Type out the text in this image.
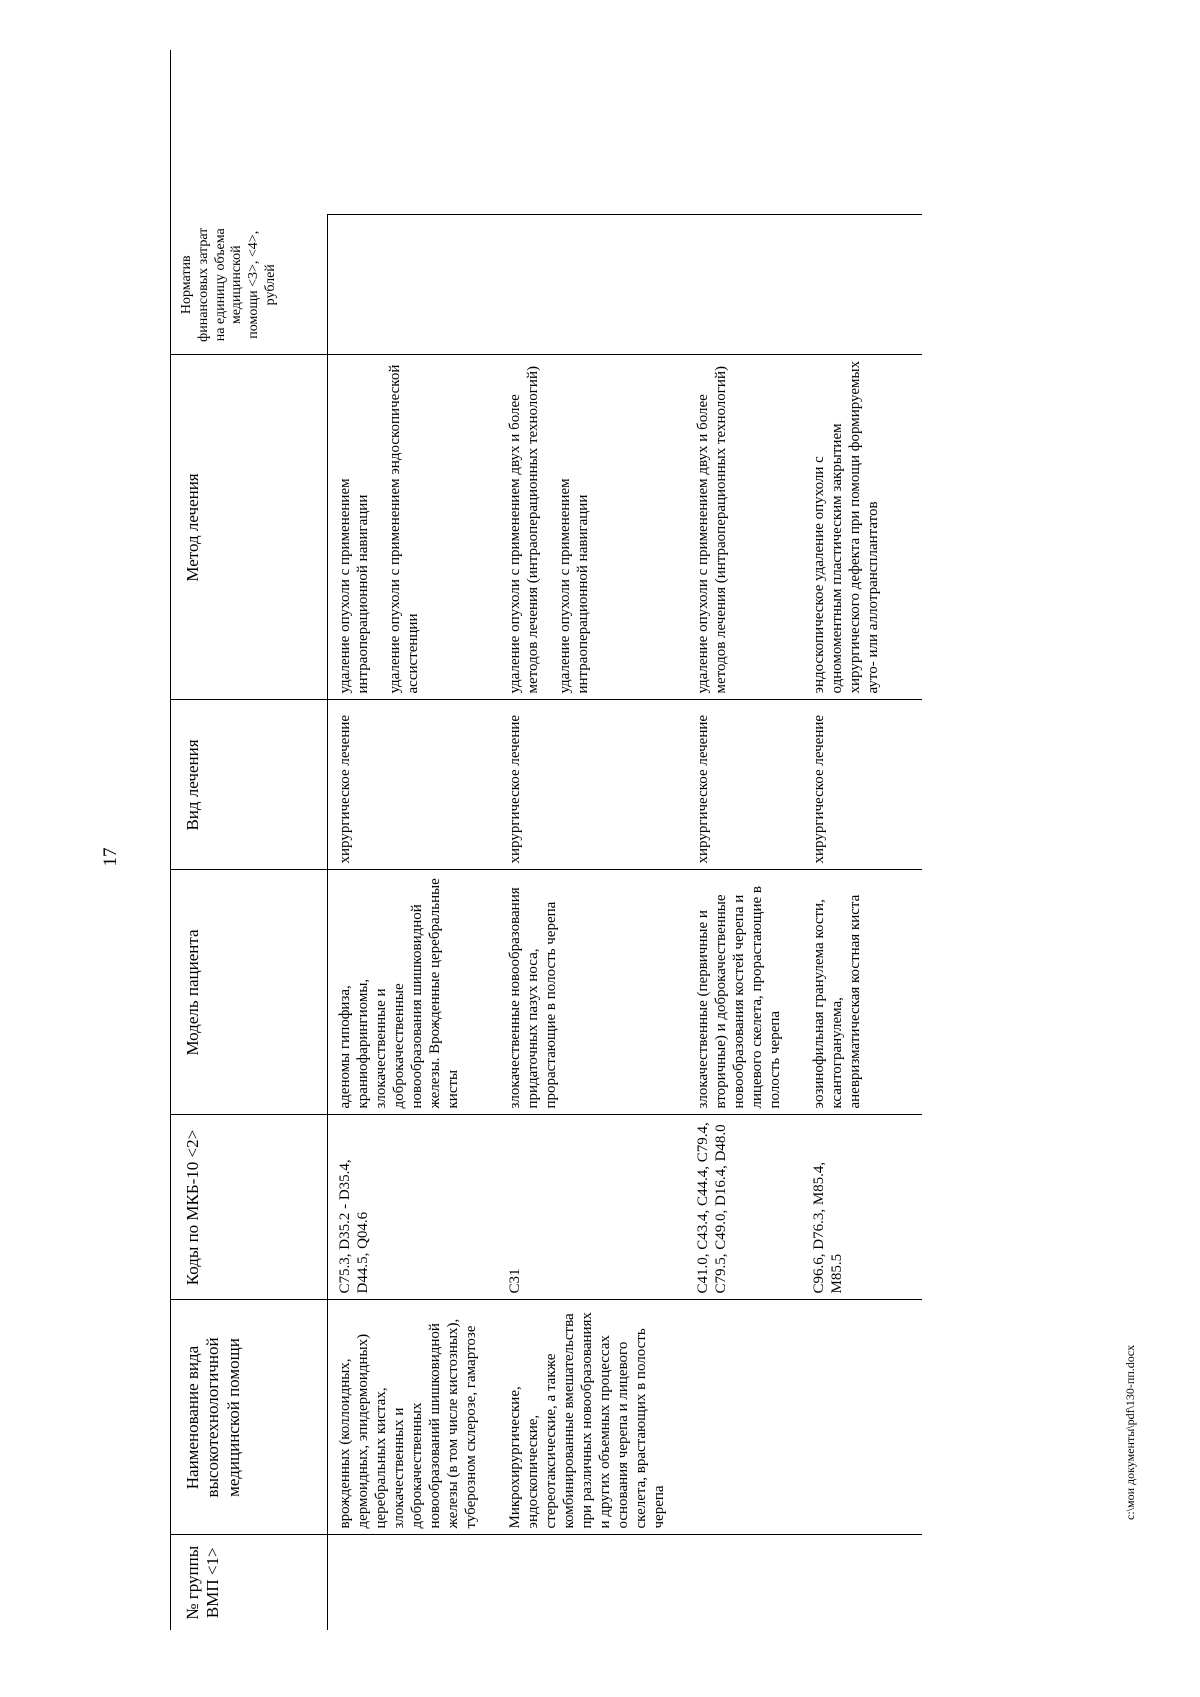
17
№ группы ВМП <1>	Наименование вида высокотехнологичной медицинской помощи	Коды по МКБ-10 <2>	Модель пациента	Вид лечения	Метод лечения	Норматив финансовых затрат на единицу объема медицинской помощи <3>, <4>, рублей	
	врожденных (коллоидных, дермоидных, эпидермоидных) церебральных кистах, злокачественных и доброкачественных новообразований шишковидной железы (в том числе кистозных), туберозном склерозе, гамартозе	C75.3, D35.2 - D35.4, D44.5, Q04.6	аденомы гипофиза, краниофарингиомы, злокачественные и доброкачественные новообразования шишковидной железы. Врожденные церебральные кисты	хирургическое лечение	удаление опухоли с применением интраоперационной навигации удаление опухоли с применением эндоскопической ассистенции		

	Микрохирургические, эндоскопические, стереотаксические, а также комбинированные вмешательства при различных новообразованиях и других объемных процессах основания черепа и лицевого скелета, врастающих в полость черепа	C31	злокачественные новообразования придаточных пазух носа, прорастающие в полость черепа	хирургическое лечение	удаление опухоли с применением двух и более методов лечения (интраоперационных технологий) удаление опухоли с применением интраоперационной навигации		

		C41.0, C43.4, C44.4, C79.4, C79.5, C49.0, D16.4, D48.0	злокачественные (первичные и вторичные) и доброкачественные новообразования костей черепа и лицевого скелета, прорастающие в полость черепа	хирургическое лечение	удаление опухоли с применением двух и более методов лечения (интраоперационных технологий)		

		C96.6, D76.3, M85.4, M85.5	эозинофильная гранулема кости, ксантогранулема, аневризматическая костная киста	хирургическое лечение	эндоскопическое удаление опухоли с одномоментным пластическим закрытием хирургического дефекта при помощи формируемых ауто- или аллотрансплантатов		

c:\мои документы\pdf\130-пп.docx
